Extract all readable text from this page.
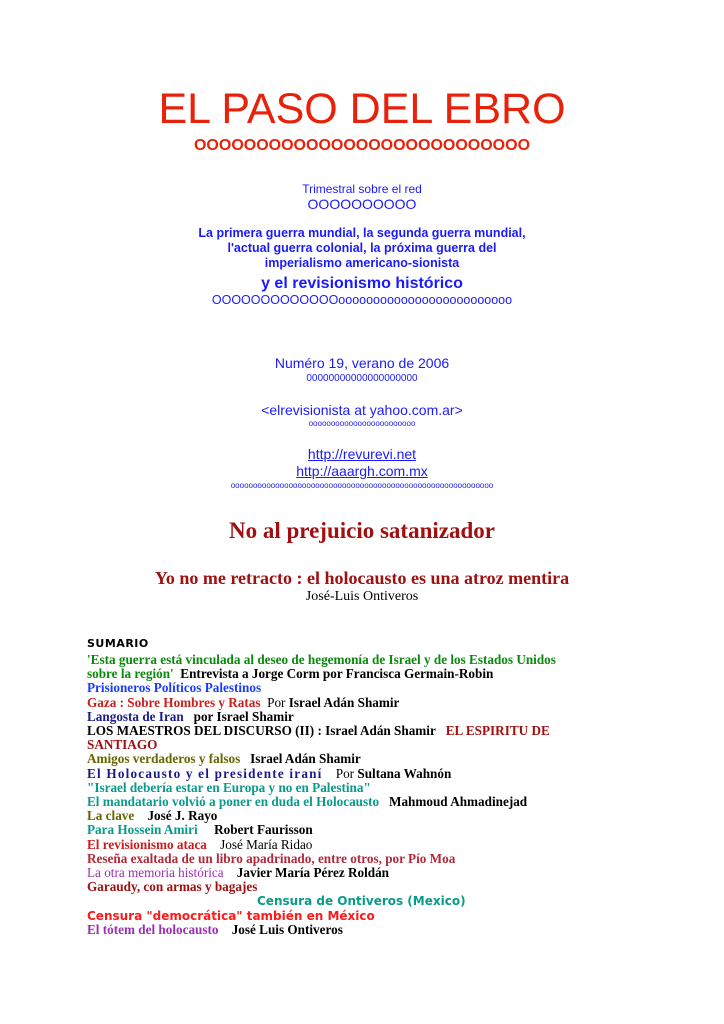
EL PASO DEL EBRO
OOOOOOOOOOOOOOOOOOOOOOOOOOO
Trimestral sobre el red
OOOOOOOOOO
La primera guerra mundial, la segunda guerra mundial,
l'actual guerra colonial, la próxima guerra del
imperialismo americano-sionista
y el revisionismo histórico
OOOOOOOOOOOOOooooooooooooooooooooooooo
Numéro 19, verano de 2006
00000000000000000000
<elrevisionista at yahoo.com.ar>
oooooooooooooooooooooooo
http://revurevi.net
http://aaargh.com.mx
ooooooooooooooooooooooooooooooooooooooooooooooooooooooooooo
No al prejuicio satanizador
Yo no me retracto : el holocausto es una atroz mentira
José-Luis Ontiveros
SUMARIO
'Esta guerra está vinculada al deseo de hegemonía de Israel y de los Estados Unidos
sobre la región' Entrevista a Jorge Corm por Francisca Germain-Robin
Prisioneros Políticos Palestinos
Gaza : Sobre Hombres y Ratas Por Israel Adán Shamir
Langosta de Iran por Israel Shamir
LOS MAESTROS DEL DISCURSO (II) : Israel Adán Shamir EL ESPIRITU DE
SANTIAGO
Amigos verdaderos y falsos Israel Adán Shamir
El Holocausto y el presidente iraní Por Sultana Wahnón
"Israel debería estar en Europa y no en Palestina"
El mandatario volvió a poner en duda el Holocausto Mahmoud Ahmadinejad
La clave José J. Rayo
Para Hossein Amiri Robert Faurisson
El revisionismo ataca José María Ridao
Reseña exaltada de un libro apadrinado, entre otros, por Pío Moa
La otra memoria histórica Javier María Pérez Roldán
Garaudy, con armas y bagajes
Censura de Ontiveros (Mexico)
Censura "democrática" también en México
El tótem del holocausto José Luis Ontiveros
